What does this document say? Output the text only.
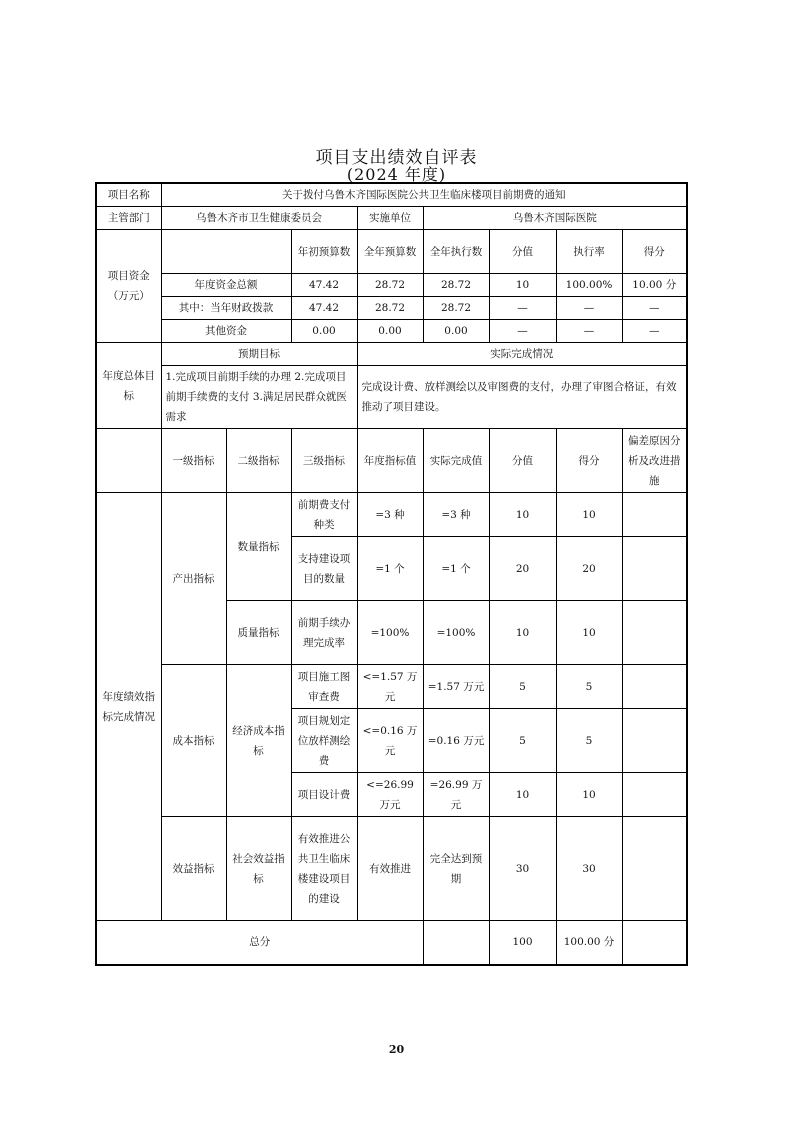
项目支出绩效自评表
(2024 年度)
项目名称	关于拨付乌鲁木齐国际医院公共卫生临床楼项目前期费的通知							
主管部门	乌鲁木齐市卫生健康委员会			实施单位	乌鲁木齐国际医院			
项目资金（万元）			年初预算数	全年预算数	全年执行数	分值	执行率	得分
	年度资金总额		47.42	28.72	28.72	10	100.00%	10.00 分
	其中：当年财政拨款		47.42	28.72	28.72	—	—	—
	其他资金		0.00	0.00	0.00	—	—	—
年度总体目标	预期目标			实际完成情况				
	1.完成项目前期手续的办理 2.完成项目前期手续费的支付 3.满足居民群众就医需求			完成设计费、放样测绘以及审图费的支付，办理了审图合格证，有效推动了项目建设。				
	一级指标	二级指标	三级指标	年度指标值	实际完成值	分值	得分	偏差原因分析及改进措施
年度绩效指标完成情况	产出指标	数量指标	前期费支付种类	=3 种	=3 种	10	10	
			支持建设项目的数量	=1 个	=1 个	20	20	
		质量指标	前期手续办理完成率	=100%	=100%	10	10	
	成本指标	经济成本指标	项目施工图审查费	<=1.57 万元	=1.57 万元	5	5	
			项目规划定位放样测绘费	<=0.16 万元	=0.16 万元	5	5	
			项目设计费	<=26.99 万元	=26.99 万元	10	10	
	效益指标	社会效益指标	有效推进公共卫生临床楼建设项目的建设	有效推进	完全达到预期	30	30	
总分						100	100.00 分	
20
